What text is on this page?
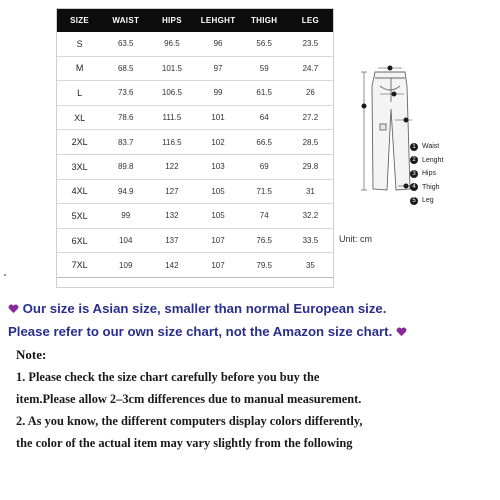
SIZE	WAIST	HIPS	LEHGHT	THIGH	LEG
S	63.5	96.5	96	56.5	23.5
M	68.5	101.5	97	59	24.7
L	73.6	106.5	99	61.5	26
XL	78.6	111.5	101	64	27.2
2XL	83.7	116.5	102	66.5	28.5
3XL	89.8	122	103	69	29.8
4XL	94.9	127	105	71.5	31
5XL	99	132	105	74	32.2
6XL	104	137	107	76.5	33.5
7XL	109	142	107	79.5	35
1 Waist
2 Lenght
3 Hips
4 Thigh
5 Leg
Unit: cm
Our size is Asian size, smaller than normal European size.
Please refer to our own size chart, not the Amazon size chart.
Note:
1. Please check the size chart carefully before you buy the
item.Please allow 2–3cm differences due to manual measurement.
2. As you know, the different computers display colors differently,
the color of the actual item may vary slightly from the following
